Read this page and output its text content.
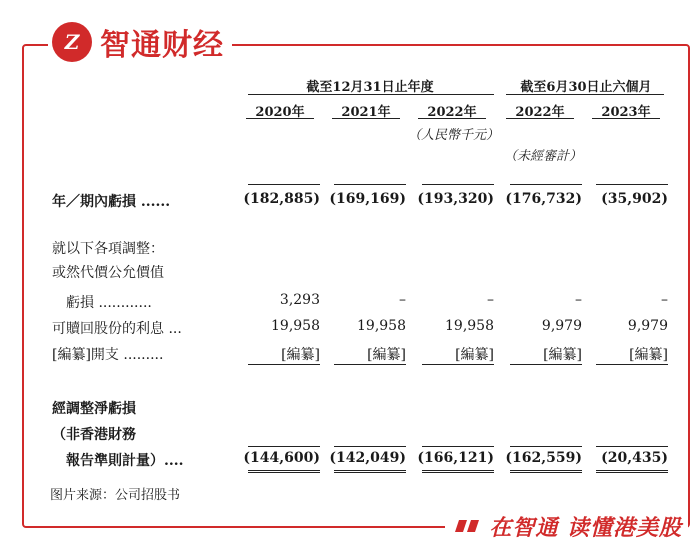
Z 智通财经
在智通 读懂港美股
截至12月31日止年度	截至6月30日止六個月
2020年	2021年	2022年	2022年	2023年
（人民幣千元）
（未經審計）
年／期內虧損 ......	(182,885) (169,169) (193,320) (176,732)	(35,902)
就以下各項調整：
或然代價公允價值
　虧損 ............	3,293	–	–	–	–
可贖回股份的利息 ...	19,958	19,958	19,958	9,979	9,979
[編纂]開支 .........	[編纂]	[編纂]	[編纂]	[編纂]	[編纂]
經調整淨虧損
（非香港財務
　報告準則計量）....	(144,600) (142,049) (166,121) (162,559)	(20,435)
图片来源：公司招股书
